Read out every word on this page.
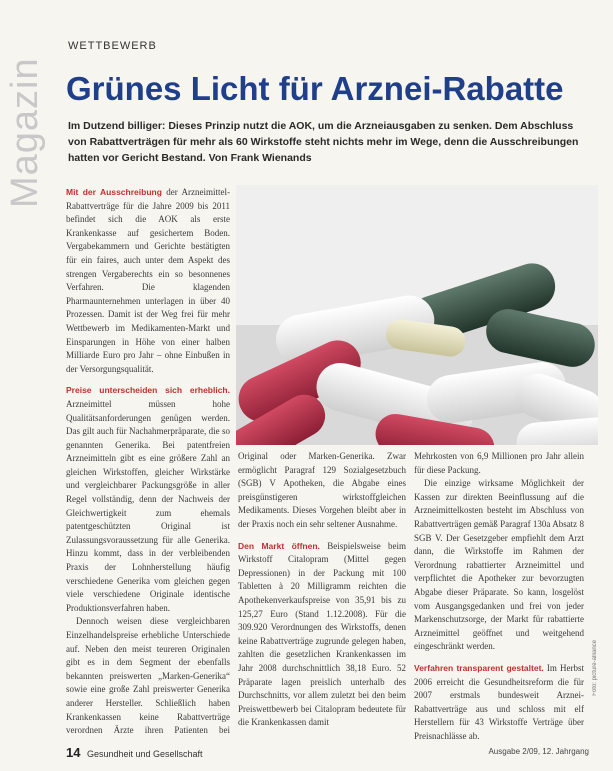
Magazin
WETTBEWERB
Grünes Licht für Arznei-Rabatte
Im Dutzend billiger: Dieses Prinzip nutzt die AOK, um die Arzneiausgaben zu senken. Dem Abschluss von Rabattverträgen für mehr als 60 Wirkstoffe steht nichts mehr im Wege, denn die Ausschreibungen hatten vor Gericht Bestand. Von Frank Wienands

Mit der Ausschreibung der Arzneimittel-Rabattverträge für die Jahre 2009 bis 2011 befindet sich die AOK als erste Krankenkasse auf gesichertem Boden. Vergabekammern und Gerichte bestätigten für ein faires, auch unter dem Aspekt des strengen Vergaberechts ein so besonnenes Verfahren. Die klagenden Pharmaunternehmen unterlagen in über 40 Prozessen. Damit ist der Weg frei für mehr Wettbewerb im Medikamenten-Markt und Einsparungen in Höhe von einer halben Milliarde Euro pro Jahr – ohne Einbußen in der Versorgungsqualität.

Preise unterscheiden sich erheblich. Arzneimittel müssen hohe Qualitätsanforderungen genügen werden. Das gilt auch für Nachahmerpräparate, die so genannten Generika. Bei patentfreien Arzneimitteln gibt es eine größere Zahl an gleichen Wirkstoffen, gleicher Wirkstärke und vergleichbarer Packungsgröße in aller Regel vollständig, denn der Nachweis der Gleichwertigkeit zum ehemals patentgeschützten Original ist Zulassungsvoraussetzung für alle Generika. Hinzu kommt, dass in der verbleibenden Praxis der Lohnherstellung häufig verschiedene Generika vom gleichen gegen viele verschiedene Originale identische Produktionsverfahren haben.

Dennoch weisen diese vergleichbaren Einzelhandelspreise erhebliche Unterschiede auf. Neben den meist teureren Originalen gibt es in dem Segment der ebenfalls bekannten preiswerten „Marken-Generika“ sowie eine große Zahl preiswerter Generika anderer Hersteller. Schließlich haben Krankenkassen keine Rabattverträge verordnen Ärzte ihren Patienten bei

Original oder Marken-Generika. Zwar ermöglicht Paragraf 129 Sozialgesetzbuch (SGB) V Apotheken, die Abgabe eines preisgünstigeren wirkstoffgleichen Medikaments. Dieses Vorgehen bleibt aber in der Praxis noch ein sehr seltener Ausnahme.

Den Markt öffnen. Beispielsweise beim Wirkstoff Citalopram (Mittel gegen Depressionen) in der Packung mit 100 Tabletten à 20 Milligramm reichten die Apothekenverkaufspreise von 35,91 bis zu 125,27 Euro (Stand 1.12.2008). Für die 309.920 Verordnungen des Wirkstoffs, denen keine Rabattverträge zugrunde gelegen haben, zahlten die gesetzlichen Krankenkassen im Jahr 2008 durchschnittlich 38,18 Euro. 52 Präparate lagen preislich unterhalb des Durchschnitts, vor allem zuletzt bei den beim Preiswettbewerb bei Citalopram bedeutete für die Krankenkassen damit

Mehrkosten von 6,9 Millionen pro Jahr allein für diese Packung.

Die einzige wirksame Möglichkeit der Kassen zur direkten Beeinflussung auf die Arzneimittelkosten besteht im Abschluss von Rabattverträgen gemäß Paragraf 130a Absatz 8 SGB V. Der Gesetzgeber empfiehlt dem Arzt dann, die Wirkstoffe im Rahmen der Verordnung rabattierter Arzneimittel und verpflichtet die Apotheker zur bevorzugten Abgabe dieser Präparate. So kann, losgelöst vom Ausgangsgedanken und frei von jeder Markenschutzsorge, der Markt für rabattierte Arzneimittel geöffnet und weitgehend eingeschränkt werden.

Verfahren transparent gestaltet. Im Herbst 2006 erreicht die Gesundheitsreform die für 2007 erstmals bundesweit Arznei-Rabattverträge aus und schloss mit elf Herstellern für 43 Wirkstoffe Verträge über Preisnachlässe ab.

Foto: picture-alliance
14 Gesundheit und Gesellschaft	Ausgabe 2/09, 12. Jahrgang
